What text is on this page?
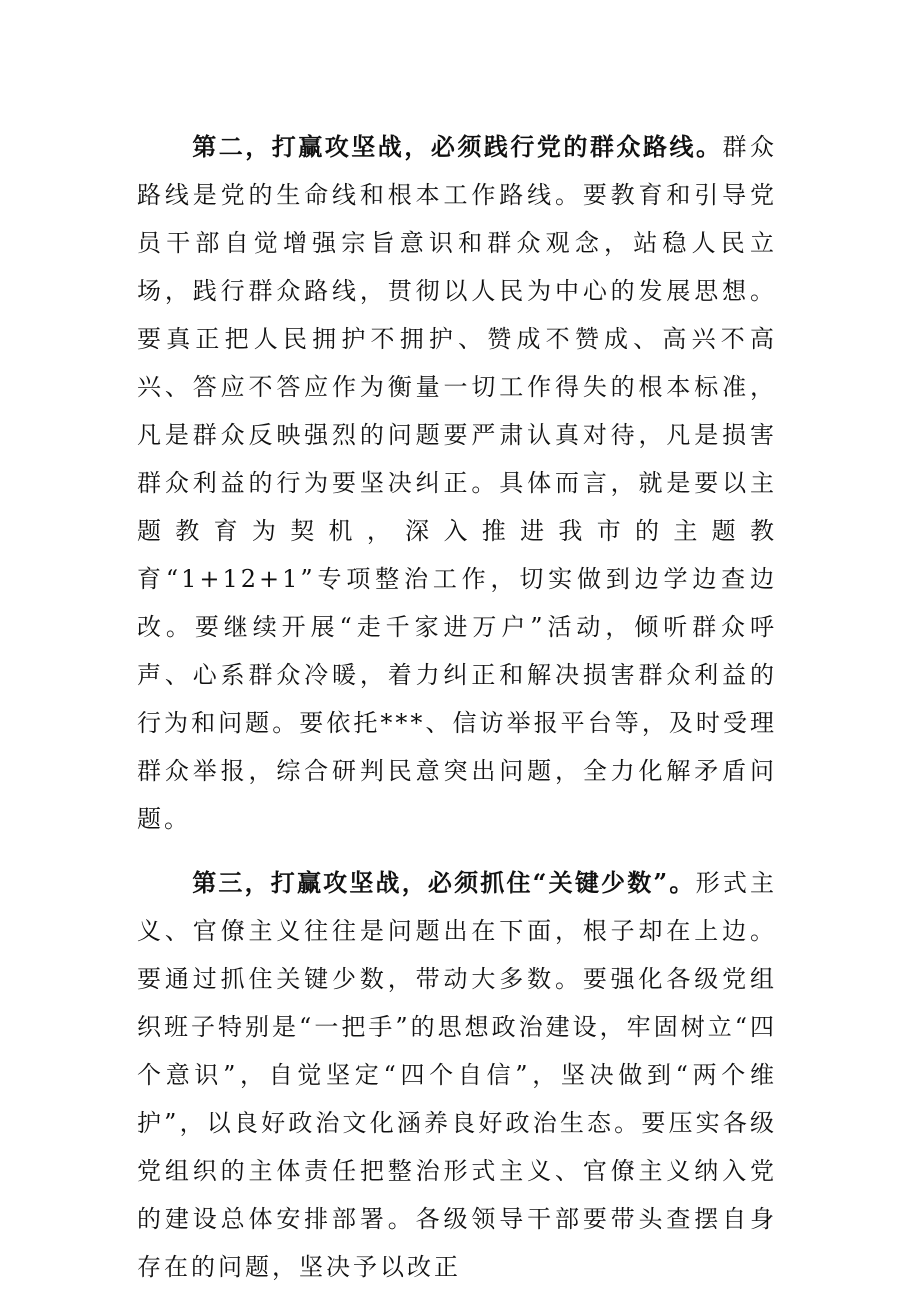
第二，打赢攻坚战，必须践行党的群众路线。群众路线是党的生命线和根本工作路线。要教育和引导党员干部自觉增强宗旨意识和群众观念，站稳人民立场，践行群众路线，贯彻以人民为中心的发展思想。要真正把人民拥护不拥护、赞成不赞成、高兴不高兴、答应不答应作为衡量一切工作得失的根本标准，凡是群众反映强烈的问题要严肃认真对待，凡是损害群众利益的行为要坚决纠正。具体而言，就是要以主题教育为契机，深入推进我市的主题教育“1+12+1”专项整治工作，切实做到边学边查边改。要继续开展“走千家进万户”活动，倾听群众呼声、心系群众冷暖，着力纠正和解决损害群众利益的行为和问题。要依托***、信访举报平台等，及时受理群众举报，综合研判民意突出问题，全力化解矛盾问题。

第三，打赢攻坚战，必须抓住“关键少数”。形式主义、官僚主义往往是问题出在下面，根子却在上边。要通过抓住关键少数，带动大多数。要强化各级党组织班子特别是“一把手”的思想政治建设，牢固树立“四个意识”，自觉坚定“四个自信”，坚决做到“两个维护”，以良好政治文化涵养良好政治生态。要压实各级党组织的主体责任把整治形式主义、官僚主义纳入党的建设总体安排部署。各级领导干部要带头查摆自身存在的问题，坚决予以改正
